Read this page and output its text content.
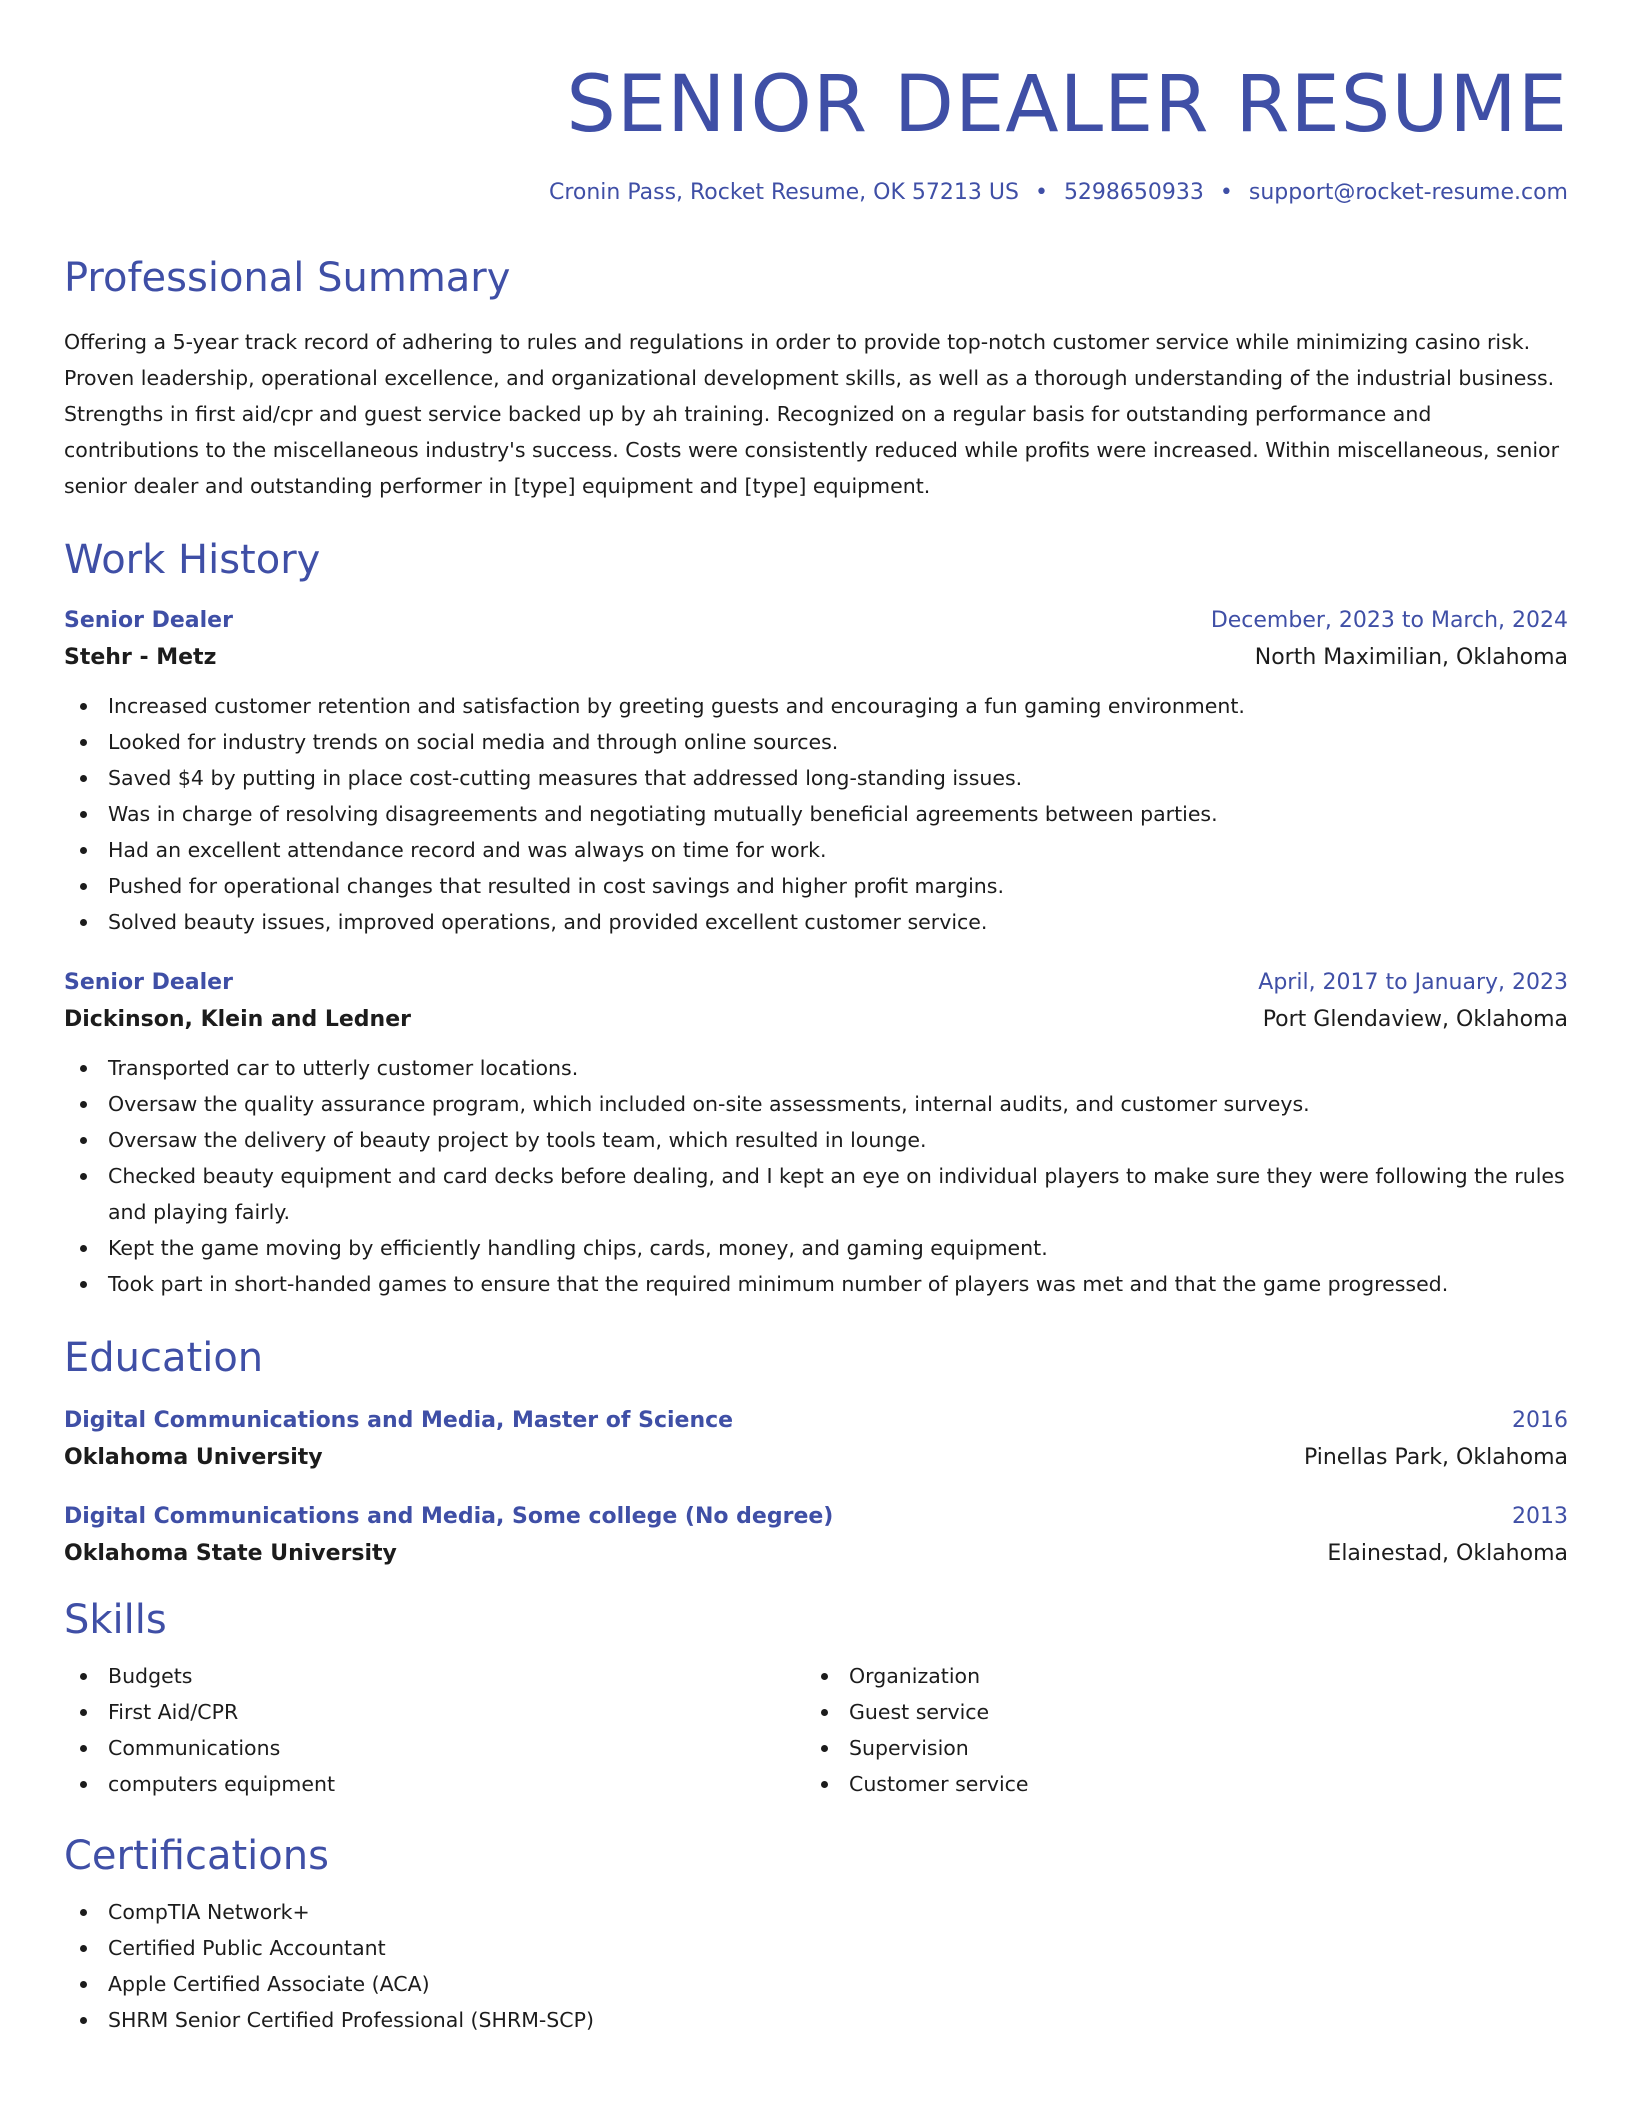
SENIOR DEALER RESUME
Cronin Pass, Rocket Resume, OK 57213 US • 5298650933 • support@rocket-resume.com
Professional Summary

Offering a 5-year track record of adhering to rules and regulations in order to provide top-notch customer service while minimizing casino risk. Proven leadership, operational excellence, and organizational development skills, as well as a thorough understanding of the industrial business. Strengths in first aid/cpr and guest service backed up by ah training. Recognized on a regular basis for outstanding performance and contributions to the miscellaneous industry's success. Costs were consistently reduced while profits were increased. Within miscellaneous, senior senior dealer and outstanding performer in [type] equipment and [type] equipment.

Work History
Senior Dealer	December, 2023 to March, 2024
Stehr - Metz	North Maximilian, Oklahoma
Increased customer retention and satisfaction by greeting guests and encouraging a fun gaming environment.
Looked for industry trends on social media and through online sources.
Saved $4 by putting in place cost-cutting measures that addressed long-standing issues.
Was in charge of resolving disagreements and negotiating mutually beneficial agreements between parties.
Had an excellent attendance record and was always on time for work.
Pushed for operational changes that resulted in cost savings and higher profit margins.
Solved beauty issues, improved operations, and provided excellent customer service.
Senior Dealer	April, 2017 to January, 2023
Dickinson, Klein and Ledner	Port Glendaview, Oklahoma
Transported car to utterly customer locations.
Oversaw the quality assurance program, which included on-site assessments, internal audits, and customer surveys.
Oversaw the delivery of beauty project by tools team, which resulted in lounge.
Checked beauty equipment and card decks before dealing, and I kept an eye on individual players to make sure they were following the rules and playing fairly.
Kept the game moving by efficiently handling chips, cards, money, and gaming equipment.
Took part in short-handed games to ensure that the required minimum number of players was met and that the game progressed.
Education
Digital Communications and Media, Master of Science	2016
Oklahoma University	Pinellas Park, Oklahoma
Digital Communications and Media, Some college (No degree)	2013
Oklahoma State University	Elainestad, Oklahoma
Skills
Budgets
First Aid/CPR
Communications
computers equipment
Organization
Guest service
Supervision
Customer service
Certifications
CompTIA Network+
Certified Public Accountant
Apple Certified Associate (ACA)
SHRM Senior Certified Professional (SHRM-SCP)
